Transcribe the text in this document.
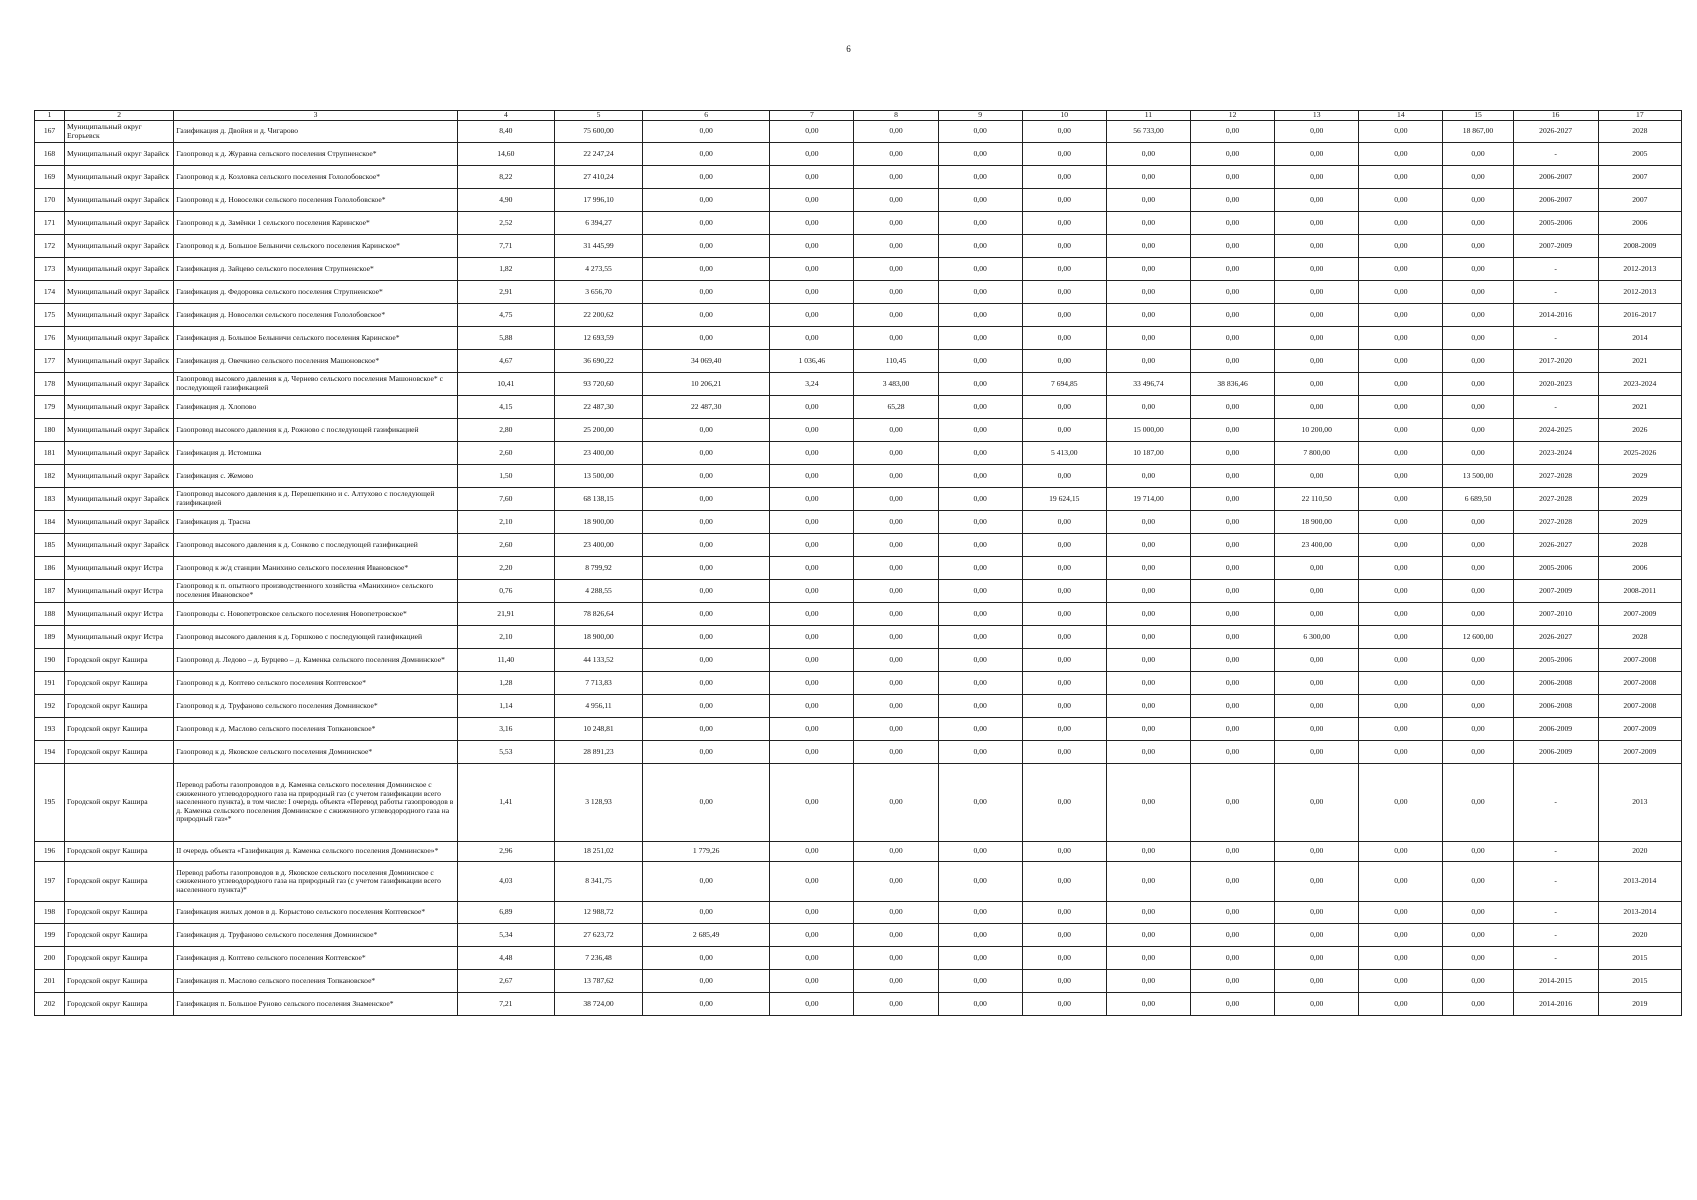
6
1	2	3	4	5	6	7	8	9	10	11	12	13	14	15	16	17
167	Муниципальный округ Егорьевск	Газификация д. Двойня и д. Чигарово	8,40	75 600,00	0,00	0,00	0,00	0,00	0,00	56 733,00	0,00	0,00	0,00	18 867,00	2026-2027	2028
168	Муниципальный округ Зарайск	Газопровод к д. Журавна сельского поселения Струпненское*	14,60	22 247,24	0,00	0,00	0,00	0,00	0,00	0,00	0,00	0,00	0,00	0,00	-	2005
169	Муниципальный округ Зарайск	Газопровод к д. Козловка сельского поселения Гололобовское*	8,22	27 410,24	0,00	0,00	0,00	0,00	0,00	0,00	0,00	0,00	0,00	0,00	2006-2007	2007
170	Муниципальный округ Зарайск	Газопровод к д. Новоселки сельского поселения Гололобовское*	4,90	17 996,10	0,00	0,00	0,00	0,00	0,00	0,00	0,00	0,00	0,00	0,00	2006-2007	2007
171	Муниципальный округ Зарайск	Газопровод к д. Замёнки 1 сельского поселения Каринское*	2,52	6 394,27	0,00	0,00	0,00	0,00	0,00	0,00	0,00	0,00	0,00	0,00	2005-2006	2006
172	Муниципальный округ Зарайск	Газопровод к д. Большое Белыничи сельского поселения Каринское*	7,71	31 445,99	0,00	0,00	0,00	0,00	0,00	0,00	0,00	0,00	0,00	0,00	2007-2009	2008-2009
173	Муниципальный округ Зарайск	Газификация д. Зайцево сельского поселения Струпненское*	1,82	4 273,55	0,00	0,00	0,00	0,00	0,00	0,00	0,00	0,00	0,00	0,00	-	2012-2013
174	Муниципальный округ Зарайск	Газификация д. Федоровка сельского поселения Струпненское*	2,91	3 656,70	0,00	0,00	0,00	0,00	0,00	0,00	0,00	0,00	0,00	0,00	-	2012-2013
175	Муниципальный округ Зарайск	Газификация д. Новоселки сельского поселения Гололобовское*	4,75	22 200,62	0,00	0,00	0,00	0,00	0,00	0,00	0,00	0,00	0,00	0,00	2014-2016	2016-2017
176	Муниципальный округ Зарайск	Газификация д. Большое Белыничи сельского поселения Каринское*	5,88	12 693,59	0,00	0,00	0,00	0,00	0,00	0,00	0,00	0,00	0,00	0,00	-	2014
177	Муниципальный округ Зарайск	Газификация д. Овечкино сельского поселения Машоновское*	4,67	36 690,22	34 069,40	1 036,46	110,45	0,00	0,00	0,00	0,00	0,00	0,00	0,00	2017-2020	2021
178	Муниципальный округ Зарайск	Газопровод высокого давления к д. Чернево сельского поселения Машоновское* с последующей газификацией	10,41	93 720,60	10 206,21	3,24	3 483,00	0,00	7 694,85	33 496,74	38 836,46	0,00	0,00	0,00	2020-2023	2023-2024
179	Муниципальный округ Зарайск	Газификация д. Хлопово	4,15	22 487,30	22 487,30	0,00	65,28	0,00	0,00	0,00	0,00	0,00	0,00	0,00	-	2021
180	Муниципальный округ Зарайск	Газопровод высокого давления к д. Рожново с последующей газификацией	2,80	25 200,00	0,00	0,00	0,00	0,00	0,00	15 000,00	0,00	10 200,00	0,00	0,00	2024-2025	2026
181	Муниципальный округ Зарайск	Газификация д. Истомшка	2,60	23 400,00	0,00	0,00	0,00	0,00	5 413,00	10 187,00	0,00	7 800,00	0,00	0,00	2023-2024	2025-2026
182	Муниципальный округ Зарайск	Газификация с. Жемово	1,50	13 500,00	0,00	0,00	0,00	0,00	0,00	0,00	0,00	0,00	0,00	13 500,00	2027-2028	2029
183	Муниципальный округ Зарайск	Газопровод высокого давления к д. Перешепкино и с. Алтухово с последующей газификацией	7,60	68 138,15	0,00	0,00	0,00	0,00	19 624,15	19 714,00	0,00	22 110,50	0,00	6 689,50	2027-2028	2029
184	Муниципальный округ Зарайск	Газификация д. Трасна	2,10	18 900,00	0,00	0,00	0,00	0,00	0,00	0,00	0,00	18 900,00	0,00	0,00	2027-2028	2029
185	Муниципальный округ Зарайск	Газопровод высокого давления к д. Сонково с последующей газификацией	2,60	23 400,00	0,00	0,00	0,00	0,00	0,00	0,00	0,00	23 400,00	0,00	0,00	2026-2027	2028
186	Муниципальный округ Истра	Газопровод к ж/д станции Манихино сельского поселения Ивановское*	2,20	8 799,92	0,00	0,00	0,00	0,00	0,00	0,00	0,00	0,00	0,00	0,00	2005-2006	2006
187	Муниципальный округ Истра	Газопровод к п. опытного производственного хозяйства «Манихино» сельского поселения Ивановское*	0,76	4 288,55	0,00	0,00	0,00	0,00	0,00	0,00	0,00	0,00	0,00	0,00	2007-2009	2008-2011
188	Муниципальный округ Истра	Газопроводы с. Новопетровское сельского поселения Новопетровское*	21,91	78 826,64	0,00	0,00	0,00	0,00	0,00	0,00	0,00	0,00	0,00	0,00	2007-2010	2007-2009
189	Муниципальный округ Истра	Газопровод высокого давления к д. Горшково с последующей газификацией	2,10	18 900,00	0,00	0,00	0,00	0,00	0,00	0,00	0,00	6 300,00	0,00	12 600,00	2026-2027	2028
190	Городской округ Кашира	Газопровод д. Ледово – д. Бурцево – д. Каменка сельского поселения Домнинское*	11,40	44 133,52	0,00	0,00	0,00	0,00	0,00	0,00	0,00	0,00	0,00	0,00	2005-2006	2007-2008
191	Городской округ Кашира	Газопровод к д. Коптево сельского поселения Коптевское*	1,28	7 713,83	0,00	0,00	0,00	0,00	0,00	0,00	0,00	0,00	0,00	0,00	2006-2008	2007-2008
192	Городской округ Кашира	Газопровод к д. Труфаново сельского поселения Домнинское*	1,14	4 956,11	0,00	0,00	0,00	0,00	0,00	0,00	0,00	0,00	0,00	0,00	2006-2008	2007-2008
193	Городской округ Кашира	Газопровод к д. Маслово сельского поселения Топкановское*	3,16	10 248,81	0,00	0,00	0,00	0,00	0,00	0,00	0,00	0,00	0,00	0,00	2006-2009	2007-2009
194	Городской округ Кашира	Газопровод к д. Яковское сельского поселения Домнинское*	5,53	28 891,23	0,00	0,00	0,00	0,00	0,00	0,00	0,00	0,00	0,00	0,00	2006-2009	2007-2009
195	Городской округ Кашира	Перевод работы газопроводов в д. Каменка сельского поселения Домнинское с сжиженного углеводородного газа на природный газ (с учетом газификации всего населенного пункта), в том числе: I очередь объекта «Перевод работы газопроводов в д. Каменка сельского поселения Домнинское с сжиженного углеводородного газа на природный газ»*	1,41	3 128,93	0,00	0,00	0,00	0,00	0,00	0,00	0,00	0,00	0,00	0,00	-	2013
196	Городской округ Кашира	II очередь объекта «Газификация д. Каменка сельского поселения Домнинское»*	2,96	18 251,02	1 779,26	0,00	0,00	0,00	0,00	0,00	0,00	0,00	0,00	0,00	-	2020
197	Городской округ Кашира	Перевод работы газопроводов в д. Яковское сельского поселения Домнинское с сжиженного углеводородного газа на природный газ (с учетом газификации всего населенного пункта)*	4,03	8 341,75	0,00	0,00	0,00	0,00	0,00	0,00	0,00	0,00	0,00	0,00	-	2013-2014
198	Городской округ Кашира	Газификация жилых домов в д. Корыстово сельского поселения Коптевское*	6,89	12 988,72	0,00	0,00	0,00	0,00	0,00	0,00	0,00	0,00	0,00	0,00	-	2013-2014
199	Городской округ Кашира	Газификация д. Труфаново сельского поселения Домнинское*	5,34	27 623,72	2 685,49	0,00	0,00	0,00	0,00	0,00	0,00	0,00	0,00	0,00	-	2020
200	Городской округ Кашира	Газификация д. Коптево сельского поселения Коптевское*	4,48	7 236,48	0,00	0,00	0,00	0,00	0,00	0,00	0,00	0,00	0,00	0,00	-	2015
201	Городской округ Кашира	Газификация п. Маслово сельского поселения Топкановское*	2,67	13 787,62	0,00	0,00	0,00	0,00	0,00	0,00	0,00	0,00	0,00	0,00	2014-2015	2015
202	Городской округ Кашира	Газификация п. Большое Руново сельского поселения Знаменское*	7,21	38 724,00	0,00	0,00	0,00	0,00	0,00	0,00	0,00	0,00	0,00	0,00	2014-2016	2019
